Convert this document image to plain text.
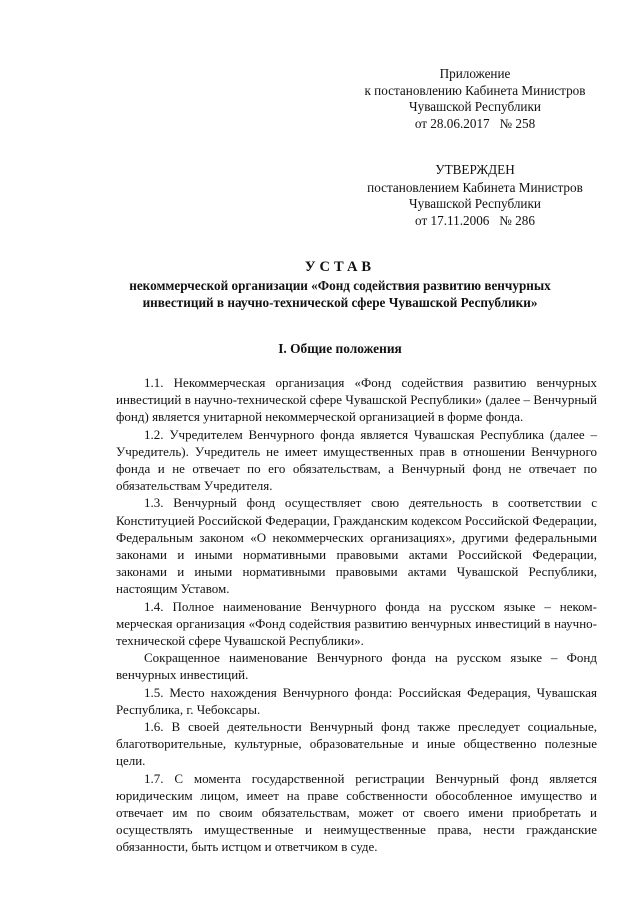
Приложение
к постановлению Кабинета Министров
Чувашской Республики
от 28.06.2017   № 258
УТВЕРЖДЕН
постановлением Кабинета Министров
Чувашской Республики
от 17.11.2006   № 286
УСТАВ
некоммерческой организации «Фонд содействия развитию венчурных
инвестиций в научно-технической сфере Чувашской Республики»
I. Общие положения

1.1. Некоммерческая организация «Фонд содействия развитию венчурных инвестиций в научно-технической сфере Чувашской Республики» (далее – Венчурный фонд) является унитарной некоммерческой организацией в форме фонда.

1.2. Учредителем Венчурного фонда является Чувашская Республика (далее – Учредитель). Учредитель не имеет имущественных прав в отношении Венчурного фонда и не отвечает по его обязательствам, а Венчурный фонд не отвечает по обязательствам Учредителя.

1.3. Венчурный фонд осуществляет свою деятельность в соответствии с Конституцией Российской Федерации, Гражданским кодексом Российской Федерации, Федеральным законом «О некоммерческих организациях», другими федеральными законами и иными нормативными правовыми актами Российской Федерации, законами и иными нормативными правовыми актами Чувашской Республики, настоящим Уставом.

1.4. Полное наименование Венчурного фонда на русском языке – некоммерческая организация «Фонд содействия развитию венчурных инвестиций в научно-технической сфере Чувашской Республики».

Сокращенное наименование Венчурного фонда на русском языке – Фонд венчурных инвестиций.

1.5. Место нахождения Венчурного фонда: Российская Федерация, Чувашская Республика, г. Чебоксары.

1.6. В своей деятельности Венчурный фонд также преследует социальные, благотворительные, культурные, образовательные и иные общественно полезные цели.

1.7. С момента государственной регистрации Венчурный фонд является юридическим лицом, имеет на праве собственности обособленное имущество и отвечает им по своим обязательствам, может от своего имени приобретать и осуществлять имущественные и неимущественные права, нести гражданские обязанности, быть истцом и ответчиком в суде.
